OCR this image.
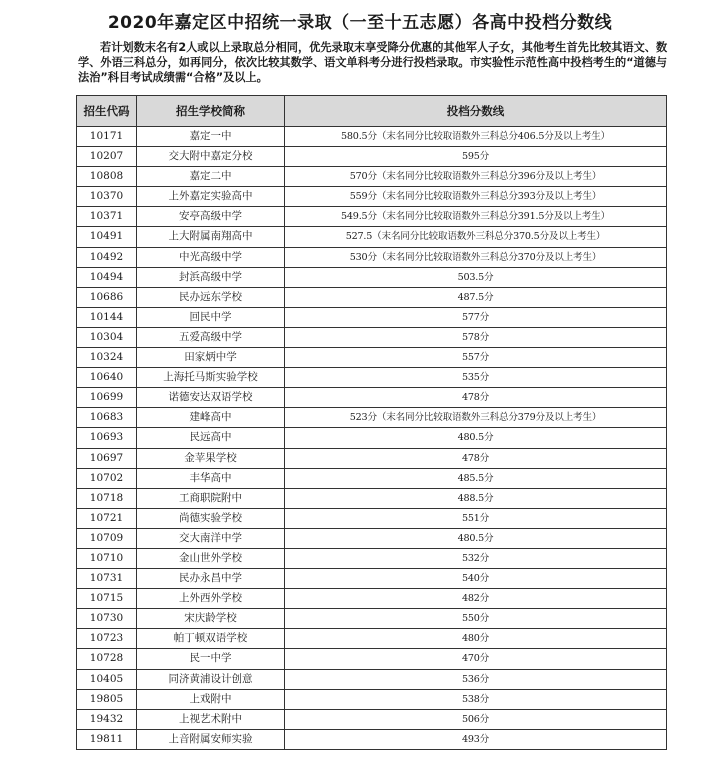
2020年嘉定区中招统一录取（一至十五志愿）各高中投档分数线
若计划数末名有2人或以上录取总分相同，优先录取末享受降分优惠的其他军人子女，其他考生首先比较其语文、数学、外语三科总分，如再同分，依次比较其数学、语文单科考分进行投档录取。市实验性示范性高中投档考生的“道德与法治”科目考试成绩需“合格”及以上。
招生代码	招生学校简称	投档分数线
10171	嘉定一中	580.5分（末名同分比较取语数外三科总分406.5分及以上考生）
10207	交大附中嘉定分校	595分
10808	嘉定二中	570分（末名同分比较取语数外三科总分396分及以上考生）
10370	上外嘉定实验高中	559分（末名同分比较取语数外三科总分393分及以上考生）
10371	安亭高级中学	549.5分（末名同分比较取语数外三科总分391.5分及以上考生）
10491	上大附属南翔高中	527.5（末名同分比较取语数外三科总分370.5分及以上考生）
10492	中光高级中学	530分（末名同分比较取语数外三科总分370分及以上考生）
10494	封浜高级中学	503.5分
10686	民办远东学校	487.5分
10144	回民中学	577分
10304	五爱高级中学	578分
10324	田家炳中学	557分
10640	上海托马斯实验学校	535分
10699	诺德安达双语学校	478分
10683	建峰高中	523分（末名同分比较取语数外三科总分379分及以上考生）
10693	民远高中	480.5分
10697	金苹果学校	478分
10702	丰华高中	485.5分
10718	工商职院附中	488.5分
10721	尚德实验学校	551分
10709	交大南洋中学	480.5分
10710	金山世外学校	532分
10731	民办永昌中学	540分
10715	上外西外学校	482分
10730	宋庆龄学校	550分
10723	帕丁顿双语学校	480分
10728	民一中学	470分
10405	同济黄浦设计创意	536分
19805	上戏附中	538分
19432	上视艺术附中	506分
19811	上音附属安师实验	493分
